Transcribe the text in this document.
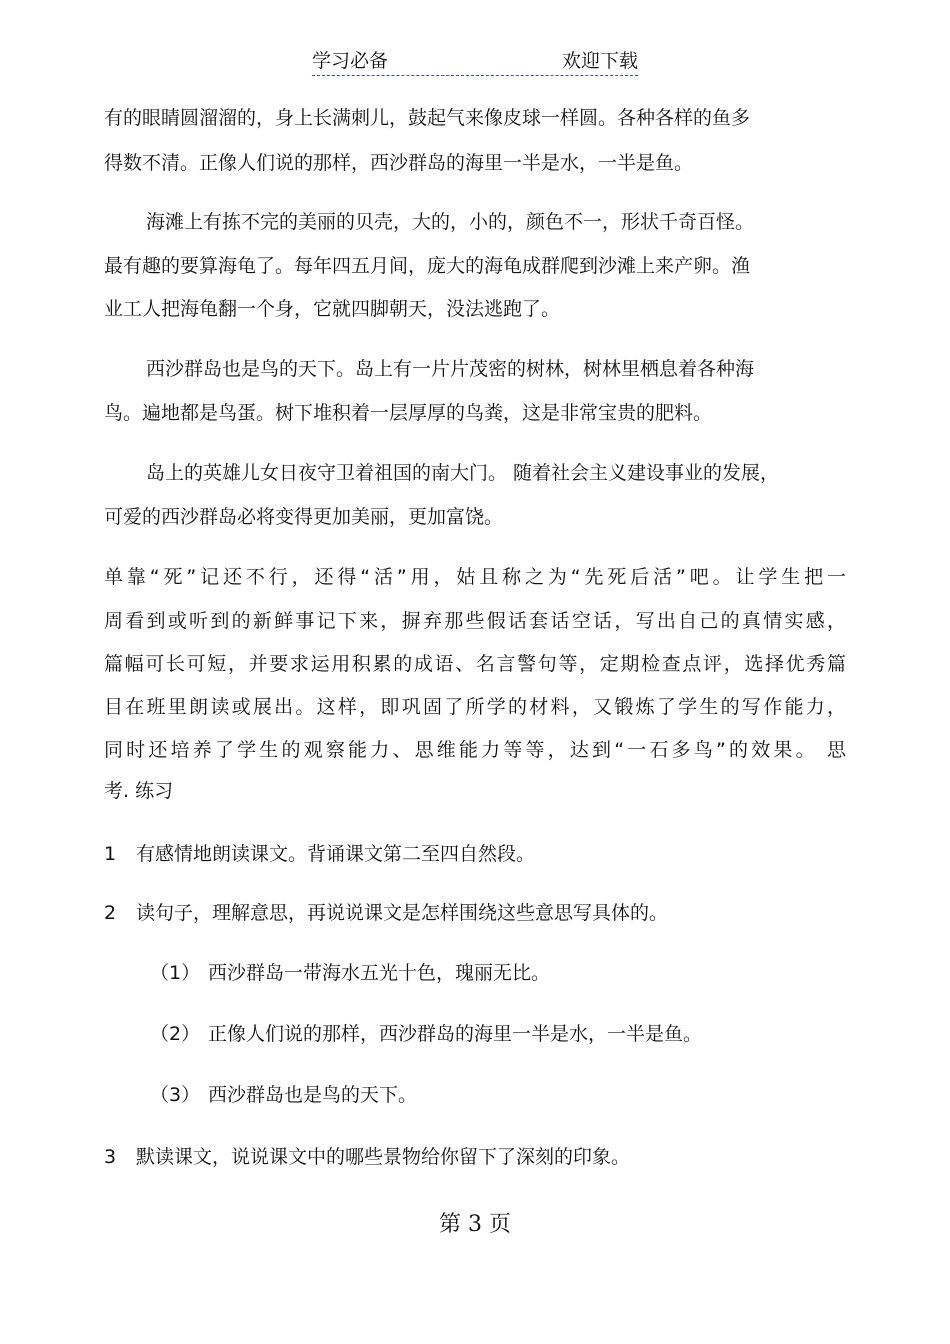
学习必备	欢迎下载
有的眼睛圆溜溜的，身上长满刺儿，鼓起气来像皮球一样圆。各种各样的鱼多
得数不清。正像人们说的那样，西沙群岛的海里一半是水，一半是鱼。
海滩上有拣不完的美丽的贝壳，大的，小的，颜色不一，形状千奇百怪。
最有趣的要算海龟了。每年四五月间，庞大的海龟成群爬到沙滩上来产卵。渔
业工人把海龟翻一个身，它就四脚朝天，没法逃跑了。
西沙群岛也是鸟的天下。岛上有一片片茂密的树林，树林里栖息着各种海
鸟。遍地都是鸟蛋。树下堆积着一层厚厚的鸟粪，这是非常宝贵的肥料。
岛上的英雄儿女日夜守卫着祖国的南大门。 随着社会主义建设事业的发展，
可爱的西沙群岛必将变得更加美丽，更加富饶。
单靠“死”记还不行，还得“活”用，姑且称之为“先死后活”吧。让学生把一
周看到或听到的新鲜事记下来，摒弃那些假话套话空话，写出自己的真情实感，
篇幅可长可短，并要求运用积累的成语、名言警句等，定期检查点评，选择优秀篇
目在班里朗读或展出。这样，即巩固了所学的材料，又锻炼了学生的写作能力，
同时还培养了学生的观察能力、思维能力等等，达到“一石多鸟”的效果。 思
考. 练习
1 有感情地朗读课文。背诵课文第二至四自然段。
2 读句子，理解意思，再说说课文是怎样围绕这些意思写具体的。
（1） 西沙群岛一带海水五光十色，瑰丽无比。
（2） 正像人们说的那样，西沙群岛的海里一半是水，一半是鱼。
（3） 西沙群岛也是鸟的天下。
3 默读课文，说说课文中的哪些景物给你留下了深刻的印象。
第 3 页
